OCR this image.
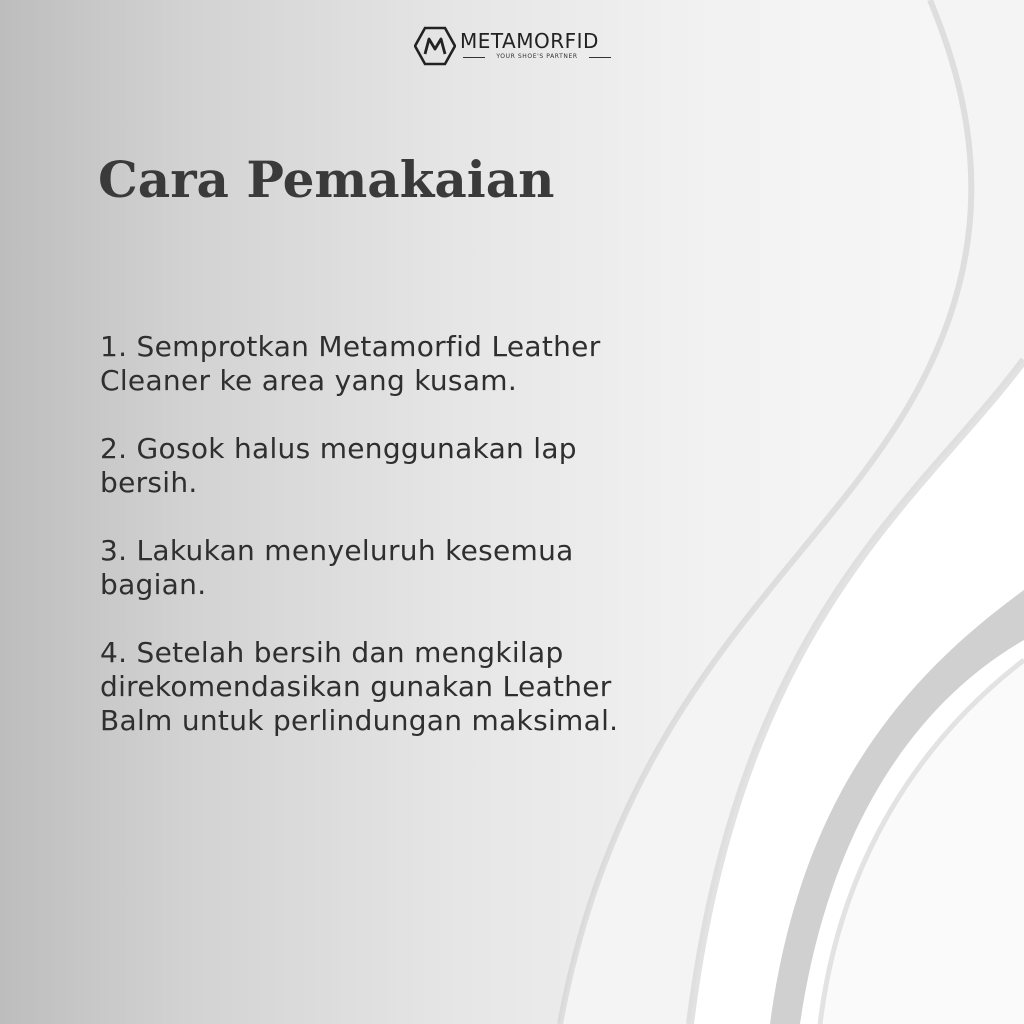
METAMORFID
YOUR SHOE'S PARTNER
Cara Pemakaian
1. Semprotkan Metamorfid Leather Cleaner ke area yang kusam.
2. Gosok halus menggunakan lap bersih.
3. Lakukan menyeluruh kesemua bagian.
4. Setelah bersih dan mengkilap direkomendasikan gunakan Leather Balm untuk perlindungan maksimal.
